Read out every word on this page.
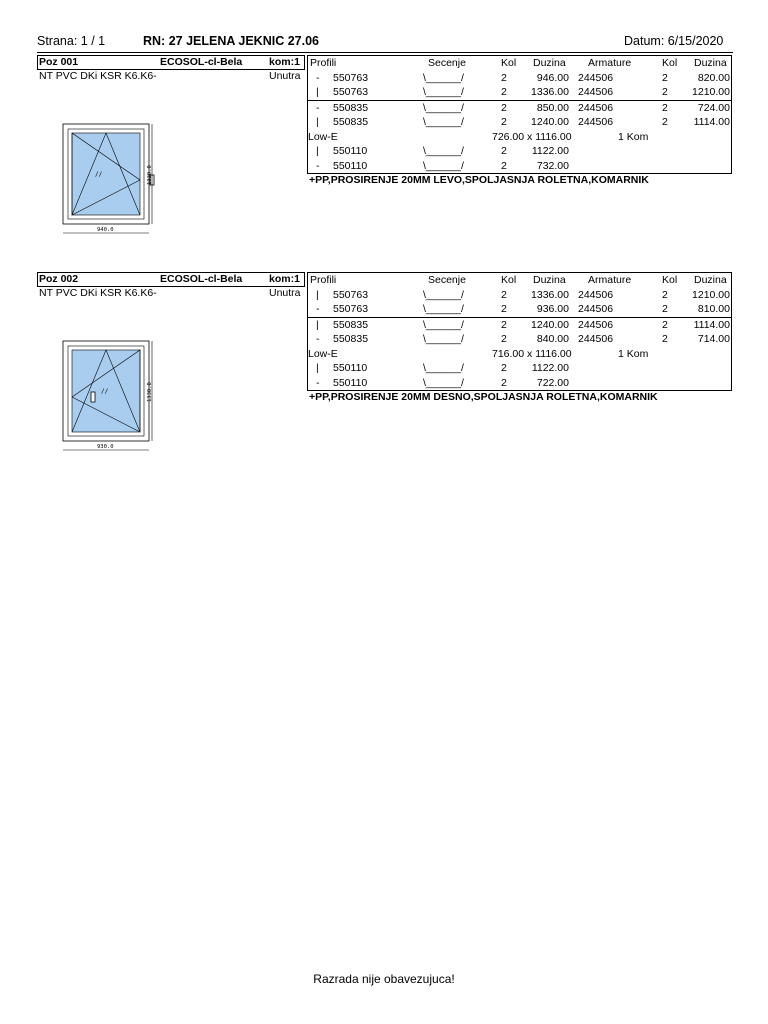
Strana: 1 / 1	RN: 27 JELENA JEKNIC 27.06	Datum: 6/15/2020
Poz 001	ECOSOL-cl-Bela	kom:1
NT PVC DKi KSR K6.K6-	Unutra
Profili	Secenje	Kol Duzina Armature	Kol Duzina
- 550763	\______/	2	946.00 244506	2	820.00
| 550763	\______/	2	1336.00 244506	2	1210.00
- 550835	\______/	2	850.00 244506	2	724.00
| 550835	\______/	2	1240.00 244506	2	1114.00
Low-E	726.00 x 1116.00	1 Kom
| 550110	\______/	2	1122.00
- 550110	\______/	2	732.00
+PP,PROSIRENJE 20MM LEVO,SPOLJASNJA ROLETNA,KOMARNIK
//
940.0
1330.0
Poz 002	ECOSOL-cl-Bela	kom:1
NT PVC DKi KSR K6.K6-	Unutra
Profili	Secenje	Kol Duzina Armature	Kol Duzina
| 550763	\______/	2	1336.00 244506	2	1210.00
- 550763	\______/	2	936.00 244506	2	810.00
| 550835	\______/	2	1240.00 244506	2	1114.00
- 550835	\______/	2	840.00 244506	2	714.00
Low-E	716.00 x 1116.00	1 Kom
| 550110	\______/	2	1122.00
- 550110	\______/	2	722.00
+PP,PROSIRENJE 20MM DESNO,SPOLJASNJA ROLETNA,KOMARNIK
//
930.0
1330.0
Razrada nije obavezujuca!
